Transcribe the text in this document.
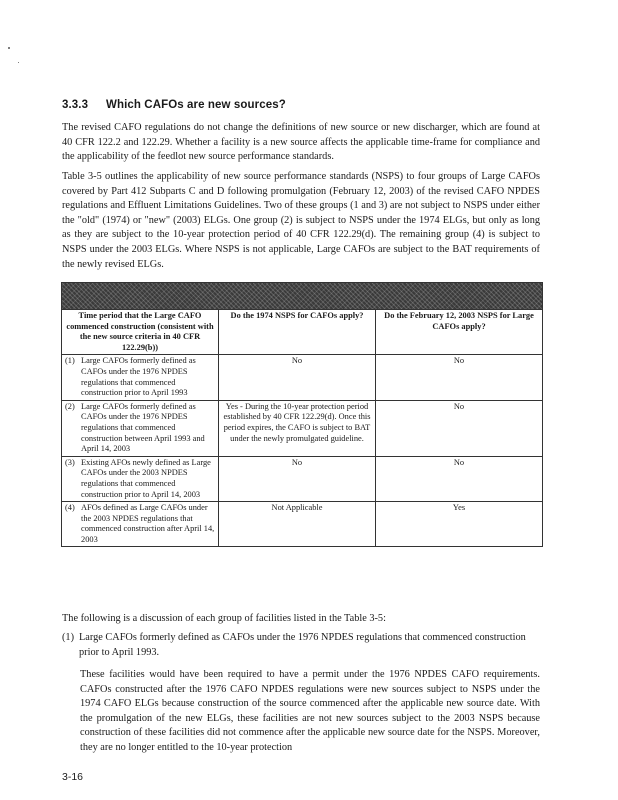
3.3.3 Which CAFOs are new sources?

The revised CAFO regulations do not change the definitions of new source or new discharger, which are found at 40 CFR 122.2 and 122.29. Whether a facility is a new source affects the applicable time-frame for compliance and the applicability of the feedlot new source performance standards.

Table 3-5 outlines the applicability of new source performance standards (NSPS) to four groups of Large CAFOs covered by Part 412 Subparts C and D following promulgation (February 12, 2003) of the revised CAFO NPDES regulations and Effluent Limitations Guidelines. Two of these groups (1 and 3) are not subject to NSPS under either the "old" (1974) or "new" (2003) ELGs. One group (2) is subject to NSPS under the 1974 ELGs, but only as long as they are subject to the 10-year protection period of 40 CFR 122.29(d). The remaining group (4) is subject to NSPS under the 2003 ELGs. Where NSPS is not applicable, Large CAFOs are subject to the BAT requirements of the newly revised ELGs.

Time period that the Large CAFO commenced construction (consistent with the new source criteria in 40 CFR 122.29(b))	Do the 1974 NSPS for CAFOs apply?	Do the February 12, 2003 NSPS for Large CAFOs apply?

(1) Large CAFOs formerly defined as CAFOs under the 1976 NPDES regulations that commenced construction prior to April 1993	No	No

(2) Large CAFOs formerly defined as CAFOs under the 1976 NPDES regulations that commenced construction between April 1993 and April 14, 2003	Yes - During the 10-year protection period established by 40 CFR 122.29(d). Once this period expires, the CAFO is subject to BAT under the newly promulgated guideline.	No

(3) Existing AFOs newly defined as Large CAFOs under the 2003 NPDES regulations that commenced construction prior to April 14, 2003	No	No

(4) AFOs defined as Large CAFOs under the 2003 NPDES regulations that commenced construction after April 14, 2003	Not Applicable	Yes
The following is a discussion of each group of facilities listed in the Table 3-5:

(1) Large CAFOs formerly defined as CAFOs under the 1976 NPDES regulations that commenced construction prior to April 1993.

These facilities would have been required to have a permit under the 1976 NPDES CAFO requirements. CAFOs constructed after the 1976 CAFO NPDES regulations were new sources subject to NSPS under the 1974 CAFO ELGs because construction of the source commenced after the applicable new source date. With the promulgation of the new ELGs, these facilities are not new sources subject to the 2003 NSPS because construction of these facilities did not commence after the applicable new source date for the NSPS. Moreover, they are no longer entitled to the 10-year protection

3-16
